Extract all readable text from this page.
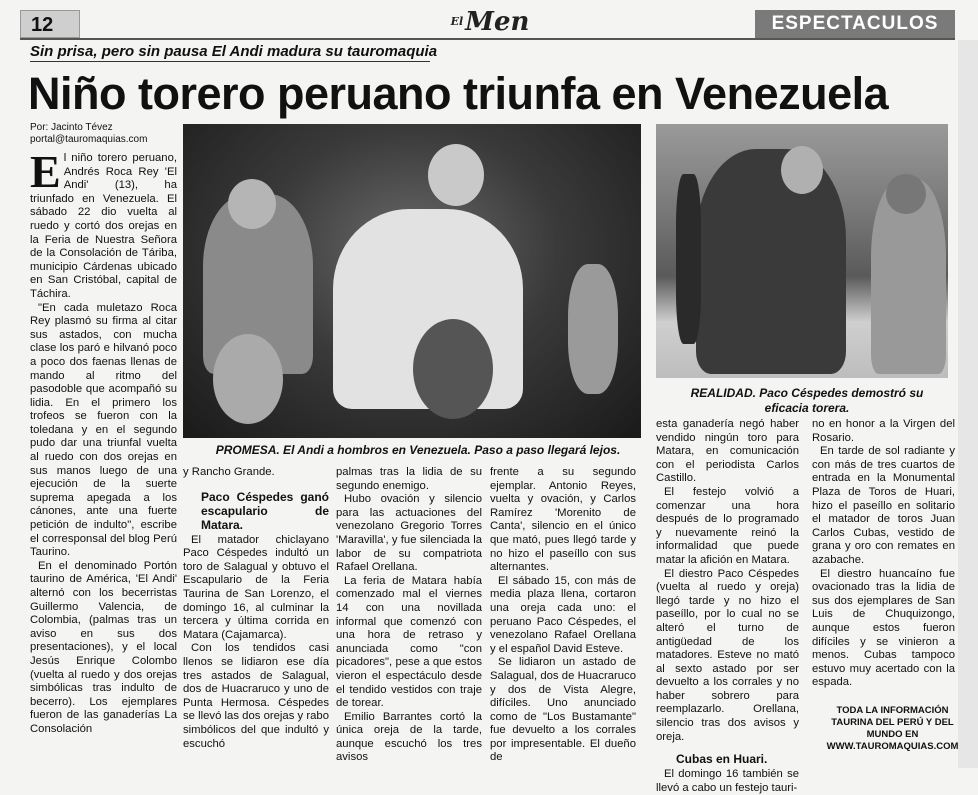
12	$^{El}$Men	ESPECTACULOS
Sin prisa, pero sin pausa El Andi madura su tauromaquia
Niño torero peruano triunfa en Venezuela
Por: Jacinto Tévez
portal@tauromaquias.com
PROMESA. El Andi a hombros en Venezuela. Paso a paso llegará lejos.
REALIDAD. Paco Céspedes demostró su eficacia torera.

El niño torero peruano, Andrés Roca Rey 'El Andi' (13), ha triunfado en Venezuela. El sábado 22 dio vuelta al ruedo y cortó dos orejas en la Feria de Nuestra Señora de la Consolación de Táriba, municipio Cárdenas ubicado en San Cristóbal, capital de Táchira.

"En cada muletazo Roca Rey plasmó su firma al citar sus astados, con mucha clase los paró e hilvanó poco a poco dos faenas llenas de mando al ritmo del pasodoble que acompañó su lidia. En el primero los trofeos se fueron con la toledana y en el segundo pudo dar una triunfal vuelta al ruedo con dos orejas en sus manos luego de una ejecución de la suerte suprema apegada a los cánones, ante una fuerte petición de indulto", escribe el corresponsal del blog Perú Taurino.

En el denominado Portón taurino de América, 'El Andi' alternó con los becerristas Guillermo Valencia, de Colombia, (palmas tras un aviso en sus dos presentaciones), y el local Jesús Enrique Colombo (vuelta al ruedo y dos orejas simbólicas tras indulto de becerro). Los ejemplares fueron de las ganaderías La Consolación

y Rancho Grande.

Paco Céspedes ganó escapulario de Matara.

El matador chiclayano Paco Céspedes indultó un toro de Salagual y obtuvo el Escapulario de la Feria Taurina de San Lorenzo, el domingo 16, al culminar la tercera y última corrida en Matara (Cajamarca).

Con los tendidos casi llenos se lidiaron ese día tres astados de Salagual, dos de Huacraruco y uno de Punta Hermosa. Céspedes se llevó las dos orejas y rabo simbólicos del que indultó y escuchó

palmas tras la lidia de su segundo enemigo.

Hubo ovación y silencio para las actuaciones del venezolano Gregorio Torres 'Maravilla', y fue silenciada la labor de su compatriota Rafael Orellana.

La feria de Matara había comenzado mal el viernes 14 con una novillada informal que comenzó con una hora de retraso y anunciada como "con picadores", pese a que estos vieron el espectáculo desde el tendido vestidos con traje de torear.

Emilio Barrantes cortó la única oreja de la tarde, aunque escuchó los tres avisos

frente a su segundo ejemplar. Antonio Reyes, vuelta y ovación, y Carlos Ramírez 'Morenito de Canta', silencio en el único que mató, pues llegó tarde y no hizo el paseíllo con sus alternantes.

El sábado 15, con más de media plaza llena, cortaron una oreja cada uno: el peruano Paco Céspedes, el venezolano Rafael Orellana y el español David Esteve.

Se lidiaron un astado de Salagual, dos de Huacraruco y dos de Vista Alegre, difíciles. Uno anunciado como de "Los Bustamante" fue devuelto a los corrales por impresentable. El dueño de

esta ganadería negó haber vendido ningún toro para Matara, en comunicación con el periodista Carlos Castillo.

El festejo volvió a comenzar una hora después de lo programado y nuevamente reinó la informalidad que puede matar la afición en Matara.

El diestro Paco Céspedes (vuelta al ruedo y oreja) llegó tarde y no hizo el paseíllo, por lo cual no se alteró el turno de antigüedad de los matadores. Esteve no mató al sexto astado por ser devuelto a los corrales y no haber sobrero para reemplazarlo. Orellana, silencio tras dos avisos y oreja.

Cubas en Huari.

El domingo 16 también se llevó a cabo un festejo tauri-

no en honor a la Virgen del Rosario.

En tarde de sol radiante y con más de tres cuartos de entrada en la Monumental Plaza de Toros de Huari, hizo el paseíllo en solitario el matador de toros Juan Carlos Cubas, vestido de grana y oro con remates en azabache.

El diestro huancaíno fue ovacionado tras la lidia de sus dos ejemplares de San Luis de Chuquizongo, aunque estos fueron difíciles y se vinieron a menos. Cubas tampoco estuvo muy acertado con la espada.

TODA LA INFORMACIÓN TAURINA DEL PERÚ Y DEL MUNDO EN
WWW.TAUROMAQUIAS.COM
